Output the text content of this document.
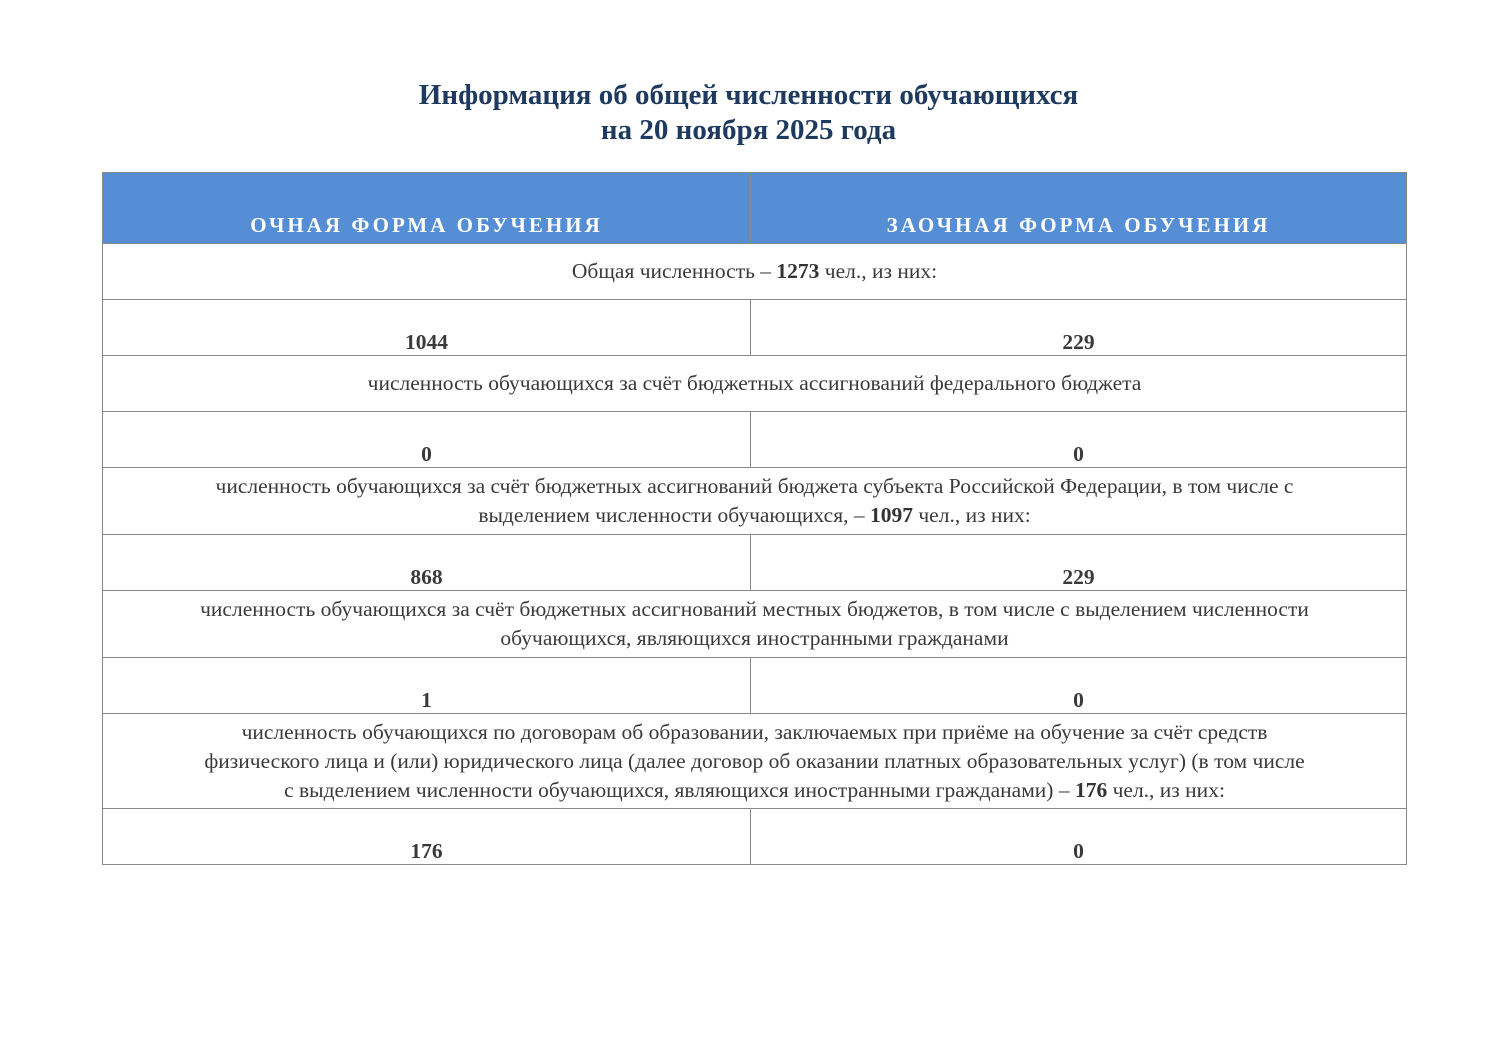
Информация об общей численности обучающихся
на 20 ноября 2025 года
ОЧНАЯ ФОРМА ОБУЧЕНИЯ	ЗАОЧНАЯ ФОРМА ОБУЧЕНИЯ
Общая численность – 1273 чел., из них:	
1044	229
численность обучающихся за счёт бюджетных ассигнований федерального бюджета	
0	0

численность обучающихся за счёт бюджетных ассигнований бюджета субъекта Российской Федерации, в том числе с
выделением численности обучающихся, – 1097 чел., из них:	

868	229

численность обучающихся за счёт бюджетных ассигнований местных бюджетов, в том числе с выделением численности
обучающихся, являющихся иностранными гражданами	

1	0

численность обучающихся по договорам об образовании, заключаемых при приёме на обучение за счёт средств
физического лица и (или) юридического лица (далее договор об оказании платных образовательных услуг) (в том числе
с выделением численности обучающихся, являющихся иностранными гражданами) – 176 чел., из них:	

176	0
